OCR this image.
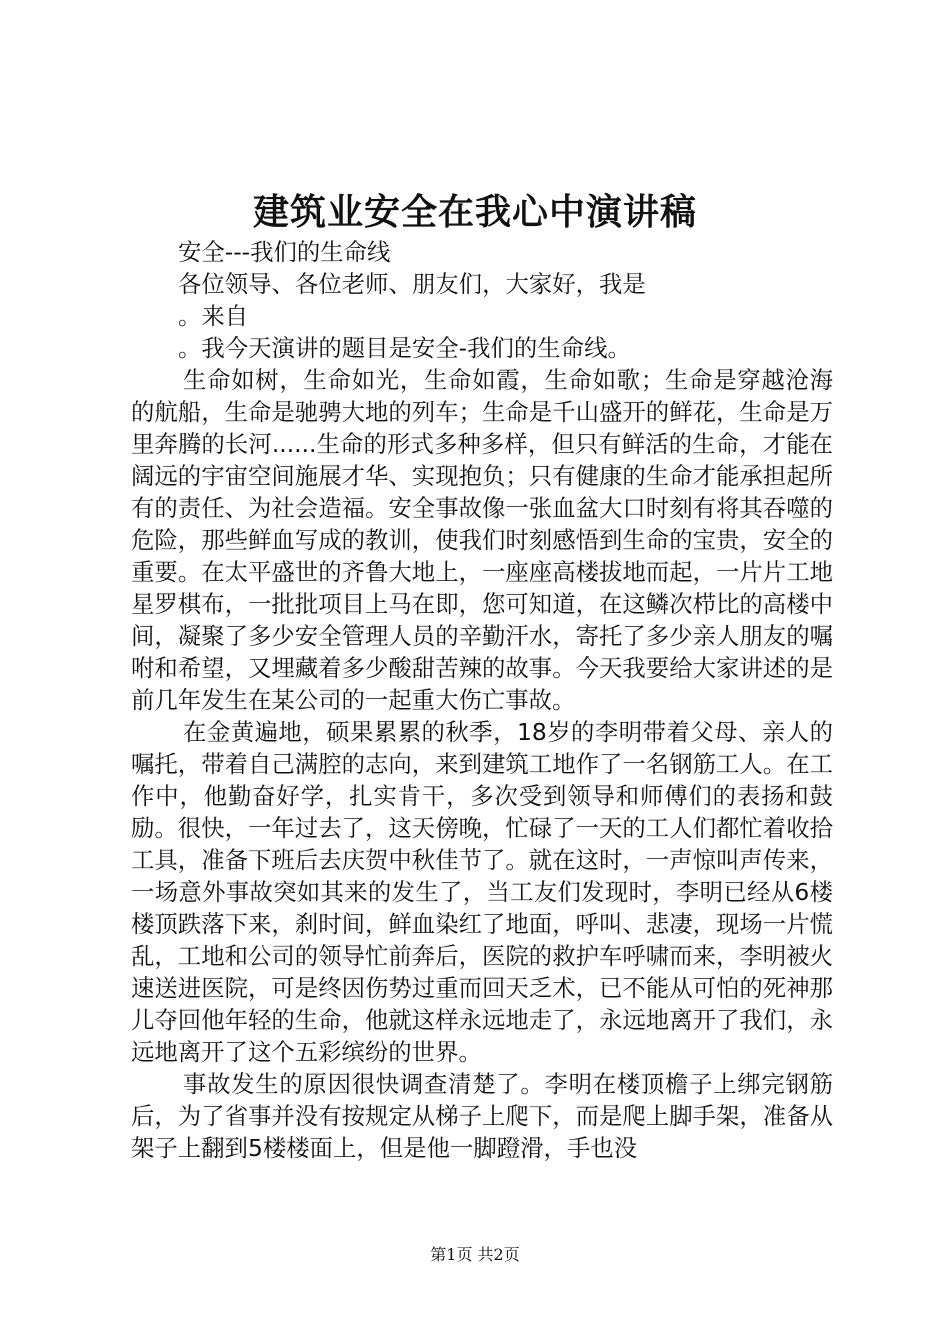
建筑业安全在我心中演讲稿

安全---我们的生命线

各位领导、各位老师、朋友们，大家好，我是

。来自

。我今天演讲的题目是安全-我们的生命线。

生命如树，生命如光，生命如霞，生命如歌；生命是穿越沧海的航船，生命是驰骋大地的列车；生命是千山盛开的鲜花，生命是万里奔腾的长河......生命的形式多种多样，但只有鲜活的生命，才能在阔远的宇宙空间施展才华、实现抱负；只有健康的生命才能承担起所有的责任、为社会造福。安全事故像一张血盆大口时刻有将其吞噬的危险，那些鲜血写成的教训，使我们时刻感悟到生命的宝贵，安全的重要。在太平盛世的齐鲁大地上，一座座高楼拔地而起，一片片工地星罗棋布，一批批项目上马在即，您可知道，在这鳞次栉比的高楼中间，凝聚了多少安全管理人员的辛勤汗水，寄托了多少亲人朋友的嘱咐和希望，又埋藏着多少酸甜苦辣的故事。今天我要给大家讲述的是前几年发生在某公司的一起重大伤亡事故。

在金黄遍地，硕果累累的秋季，18岁的李明带着父母、亲人的嘱托，带着自己满腔的志向，来到建筑工地作了一名钢筋工人。在工作中，他勤奋好学，扎实肯干，多次受到领导和师傅们的表扬和鼓励。很快，一年过去了，这天傍晚，忙碌了一天的工人们都忙着收拾工具，准备下班后去庆贺中秋佳节了。就在这时，一声惊叫声传来，一场意外事故突如其来的发生了，当工友们发现时，李明已经从6楼楼顶跌落下来，刹时间，鲜血染红了地面，呼叫、悲凄，现场一片慌乱，工地和公司的领导忙前奔后，医院的救护车呼啸而来，李明被火速送进医院，可是终因伤势过重而回天乏术，已不能从可怕的死神那儿夺回他年轻的生命，他就这样永远地走了，永远地离开了我们，永远地离开了这个五彩缤纷的世界。

事故发生的原因很快调查清楚了。李明在楼顶檐子上绑完钢筋后，为了省事并没有按规定从梯子上爬下，而是爬上脚手架，准备从架子上翻到5楼楼面上，但是他一脚蹬滑，手也没

第1页 共2页
